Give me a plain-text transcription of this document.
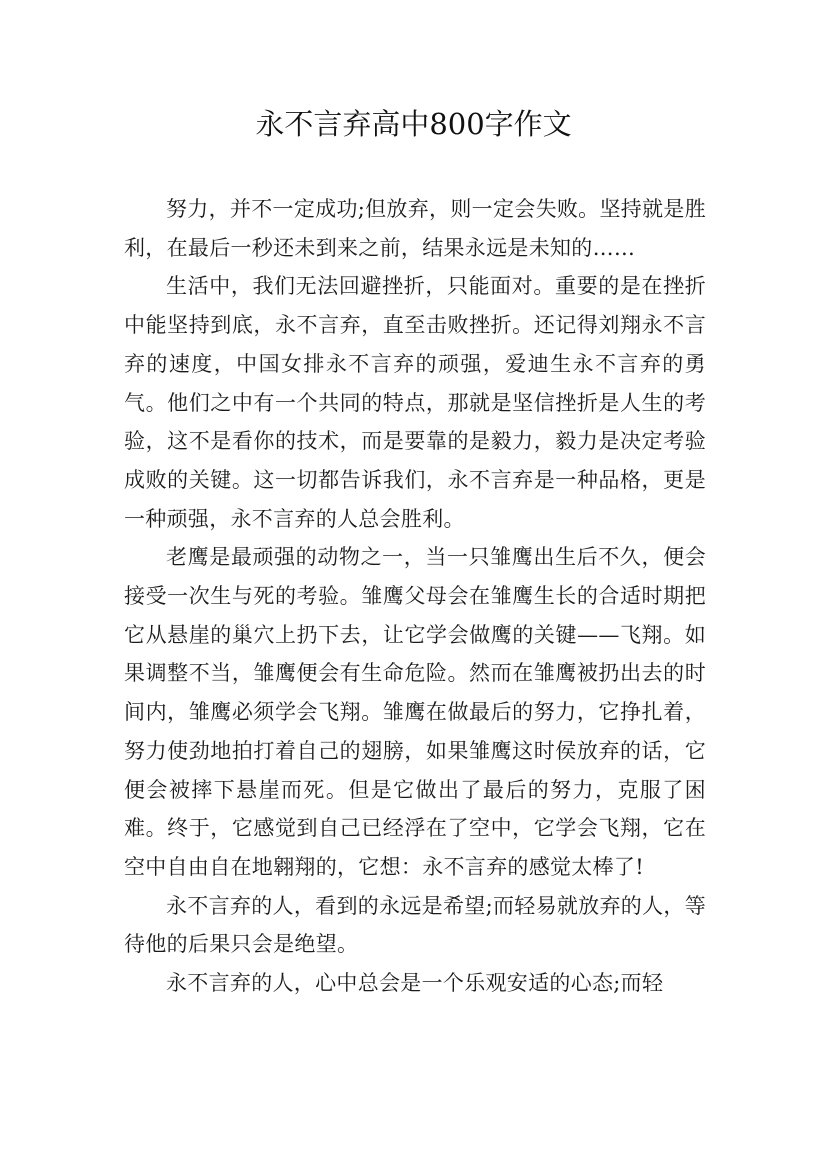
永不言弃高中800字作文

努力，并不一定成功;但放弃，则一定会失败。坚持就是胜利，在最后一秒还未到来之前，结果永远是未知的……

生活中，我们无法回避挫折，只能面对。重要的是在挫折中能坚持到底，永不言弃，直至击败挫折。还记得刘翔永不言弃的速度，中国女排永不言弃的顽强，爱迪生永不言弃的勇气。他们之中有一个共同的特点，那就是坚信挫折是人生的考验，这不是看你的技术，而是要靠的是毅力，毅力是决定考验成败的关键。这一切都告诉我们，永不言弃是一种品格，更是一种顽强，永不言弃的人总会胜利。

老鹰是最顽强的动物之一，当一只雏鹰出生后不久，便会接受一次生与死的考验。雏鹰父母会在雏鹰生长的合适时期把它从悬崖的巢穴上扔下去，让它学会做鹰的关键——飞翔。如果调整不当，雏鹰便会有生命危险。然而在雏鹰被扔出去的时间内，雏鹰必须学会飞翔。雏鹰在做最后的努力，它挣扎着，努力使劲地拍打着自己的翅膀，如果雏鹰这时侯放弃的话，它便会被摔下悬崖而死。但是它做出了最后的努力，克服了困难。终于，它感觉到自己已经浮在了空中，它学会飞翔，它在空中自由自在地翱翔的，它想：永不言弃的感觉太棒了!

永不言弃的人，看到的永远是希望;而轻易就放弃的人，等待他的后果只会是绝望。

永不言弃的人，心中总会是一个乐观安适的心态;而轻
